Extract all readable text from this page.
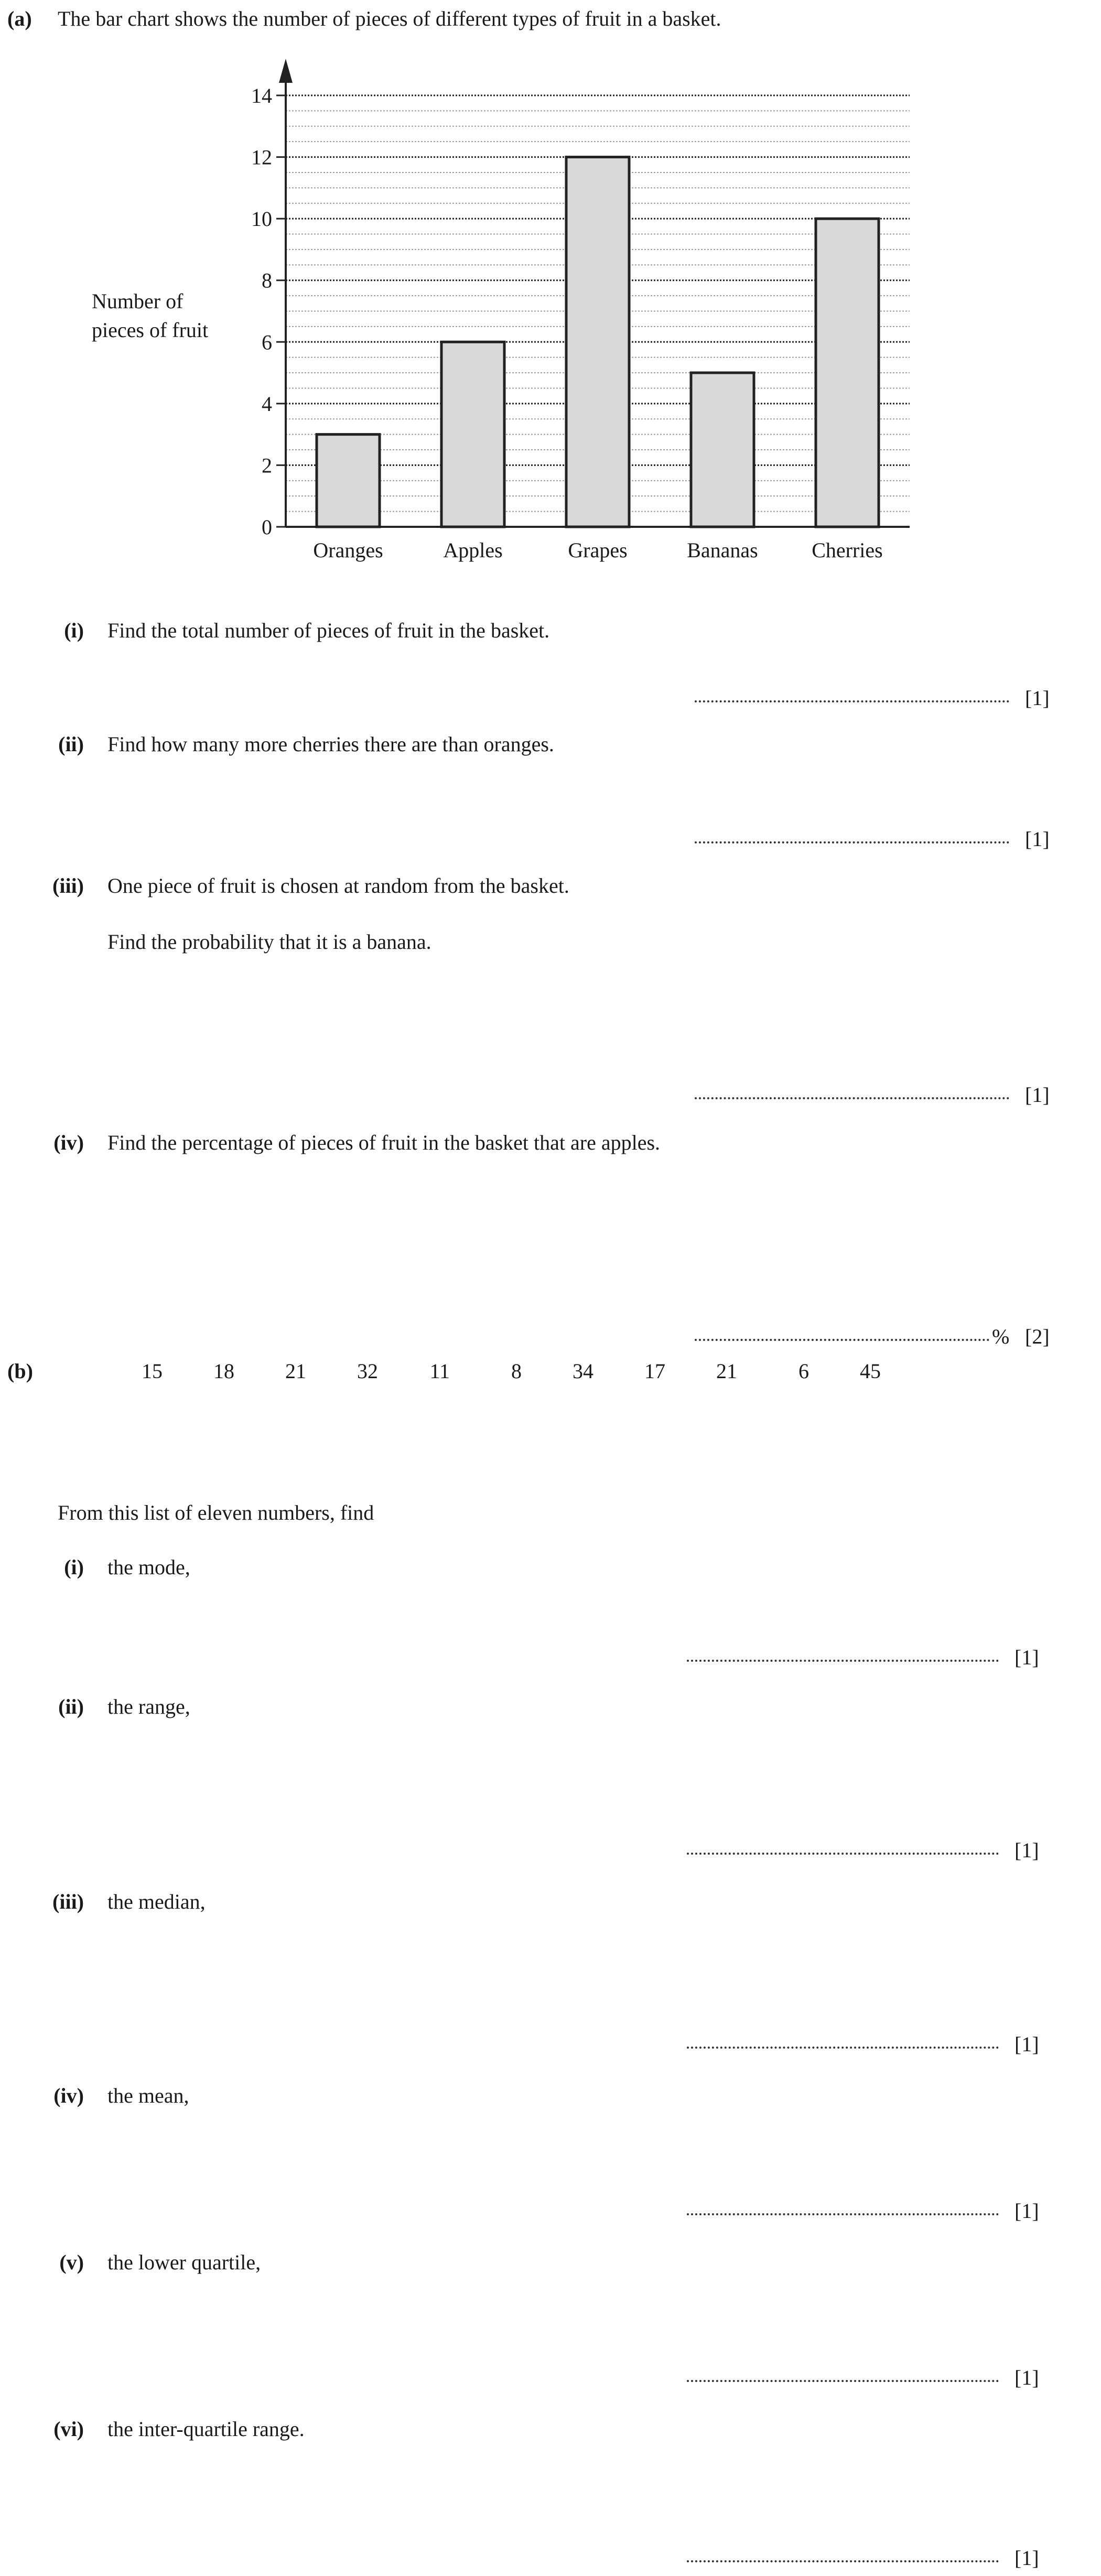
(a) The bar chart shows the number of pieces of different types of fruit in a basket.
0
2
4
6
8
10
12
14
Oranges	Apples	Grapes	Bananas	Cherries
Number of
pieces of fruit
(i) Find the total number of pieces of fruit in the basket.
[1]
(ii) Find how many more cherries there are than oranges.
[1]
(iii) One piece of fruit is chosen at random from the basket.
Find the probability that it is a banana.
[1]
(iv) Find the percentage of pieces of fruit in the basket that are apples.
% [2]
(b)	15	18	21	32	11	8	34	17	21	6	45
From this list of eleven numbers, find
(i) the mode,
[1]
(ii) the range,
[1]
(iii) the median,
[1]
(iv) the mean,
[1]
(v) the lower quartile,
[1]
(vi) the inter-quartile range.
[1]
